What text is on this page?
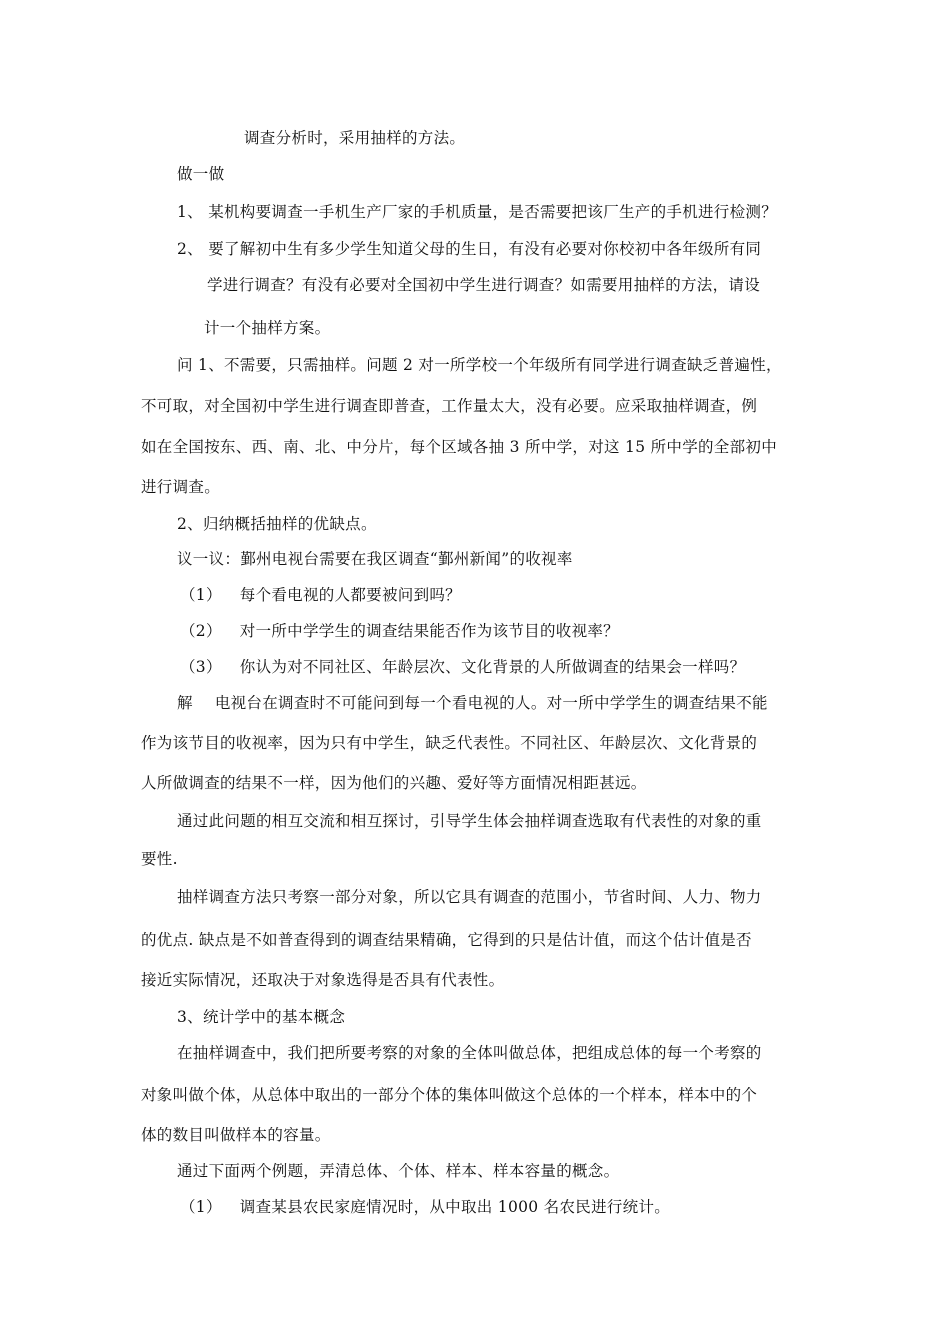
调查分析时，采用抽样的方法。
做一做
1、 某机构要调查一手机生产厂家的手机质量，是否需要把该厂生产的手机进行检测？
2、 要了解初中生有多少学生知道父母的生日，有没有必要对你校初中各年级所有同
学进行调查？有没有必要对全国初中学生进行调查？如需要用抽样的方法，请设
计一个抽样方案。
问 1、不需要，只需抽样。问题 2 对一所学校一个年级所有同学进行调查缺乏普遍性，
不可取，对全国初中学生进行调查即普查，工作量太大，没有必要。应采取抽样调查，例
如在全国按东、西、南、北、中分片，每个区域各抽 3 所中学，对这 15 所中学的全部初中
进行调查。
2、归纳概括抽样的优缺点。
议一议：鄞州电视台需要在我区调查“鄞州新闻”的收视率
（1） 每个看电视的人都要被问到吗？
（2） 对一所中学学生的调查结果能否作为该节目的收视率？
（3） 你认为对不同社区、年龄层次、文化背景的人所做调查的结果会一样吗？
解 电视台在调查时不可能问到每一个看电视的人。对一所中学学生的调查结果不能
作为该节目的收视率，因为只有中学生，缺乏代表性。不同社区、年龄层次、文化背景的
人所做调查的结果不一样，因为他们的兴趣、爱好等方面情况相距甚远。
通过此问题的相互交流和相互探讨，引导学生体会抽样调查选取有代表性的对象的重
要性.
抽样调查方法只考察一部分对象，所以它具有调查的范围小，节省时间、人力、物力
的优点. 缺点是不如普查得到的调查结果精确，它得到的只是估计值，而这个估计值是否
接近实际情况，还取决于对象选得是否具有代表性。
3、统计学中的基本概念
在抽样调查中，我们把所要考察的对象的全体叫做总体，把组成总体的每一个考察的
对象叫做个体，从总体中取出的一部分个体的集体叫做这个总体的一个样本，样本中的个
体的数目叫做样本的容量。
通过下面两个例题，弄清总体、个体、样本、样本容量的概念。
（1） 调查某县农民家庭情况时，从中取出 1000 名农民进行统计。
